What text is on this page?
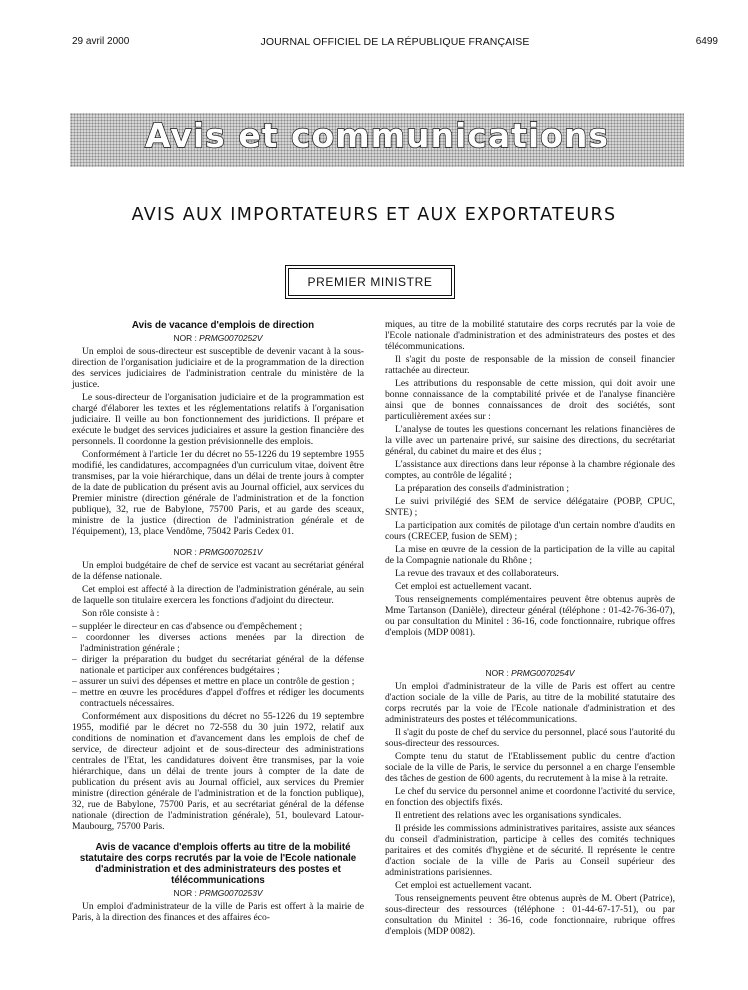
29 avril 2000	JOURNAL OFFICIEL DE LA RÉPUBLIQUE FRANÇAISE	6499
Avis et communications
AVIS AUX IMPORTATEURS ET AUX EXPORTATEURS
PREMIER MINISTRE

Avis de vacance d'emplois de direction

NOR : PRMG0070252V

Un emploi de sous-directeur est susceptible de devenir vacant à la sous-direction de l'organisation judiciaire et de la programmation de la direction des services judiciaires de l'administration centrale du ministère de la justice.

Le sous-directeur de l'organisation judiciaire et de la programmation est chargé d'élaborer les textes et les réglementations relatifs à l'organisation judiciaire. Il veille au bon fonctionnement des juridictions. Il prépare et exécute le budget des services judiciaires et assure la gestion financière des personnels. Il coordonne la gestion prévisionnelle des emplois.

Conformément à l'article 1er du décret no 55-1226 du 19 septembre 1955 modifié, les candidatures, accompagnées d'un curriculum vitae, doivent être transmises, par la voie hiérarchique, dans un délai de trente jours à compter de la date de publication du présent avis au Journal officiel, aux services du Premier ministre (direction générale de l'administration et de la fonction publique), 32, rue de Babylone, 75700 Paris, et au garde des sceaux, ministre de la justice (direction de l'administration générale et de l'équipement), 13, place Vendôme, 75042 Paris Cedex 01.

NOR : PRMG0070251V

Un emploi budgétaire de chef de service est vacant au secrétariat général de la défense nationale.

Cet emploi est affecté à la direction de l'administration générale, au sein de laquelle son titulaire exercera les fonctions d'adjoint du directeur.

Son rôle consiste à :

– suppléer le directeur en cas d'absence ou d'empêchement ;
– coordonner les diverses actions menées par la direction de l'administration générale ;
– diriger la préparation du budget du secrétariat général de la défense nationale et participer aux conférences budgétaires ;
– assurer un suivi des dépenses et mettre en place un contrôle de gestion ;
– mettre en œuvre les procédures d'appel d'offres et rédiger les documents contractuels nécessaires.

Conformément aux dispositions du décret no 55-1226 du 19 septembre 1955, modifié par le décret no 72-558 du 30 juin 1972, relatif aux conditions de nomination et d'avancement dans les emplois de chef de service, de directeur adjoint et de sous-directeur des administrations centrales de l'Etat, les candidatures doivent être transmises, par la voie hiérarchique, dans un délai de trente jours à compter de la date de publication du présent avis au Journal officiel, aux services du Premier ministre (direction générale de l'administration et de la fonction publique), 32, rue de Babylone, 75700 Paris, et au secrétariat général de la défense nationale (direction de l'administration générale), 51, boulevard Latour-Maubourg, 75700 Paris.

Avis de vacance d'emplois offerts au titre de la mobilité statutaire des corps recrutés par la voie de l'Ecole nationale d'administration et des administrateurs des postes et télécommunications

NOR : PRMG0070253V

Un emploi d'administrateur de la ville de Paris est offert à la mairie de Paris, à la direction des finances et des affaires éco-

miques, au titre de la mobilité statutaire des corps recrutés par la voie de l'Ecole nationale d'administration et des administrateurs des postes et des télécommunications.

Il s'agit du poste de responsable de la mission de conseil financier rattachée au directeur.

Les attributions du responsable de cette mission, qui doit avoir une bonne connaissance de la comptabilité privée et de l'analyse financière ainsi que de bonnes connaissances de droit des sociétés, sont particulièrement axées sur :

L'analyse de toutes les questions concernant les relations financières de la ville avec un partenaire privé, sur saisine des directions, du secrétariat général, du cabinet du maire et des élus ;

L'assistance aux directions dans leur réponse à la chambre régionale des comptes, au contrôle de légalité ;

La préparation des conseils d'administration ;

Le suivi privilégié des SEM de service délégataire (POBP, CPUC, SNTE) ;

La participation aux comités de pilotage d'un certain nombre d'audits en cours (CRECEP, fusion de SEM) ;

La mise en œuvre de la cession de la participation de la ville au capital de la Compagnie nationale du Rhône ;

La revue des travaux et des collaborateurs.

Cet emploi est actuellement vacant.

Tous renseignements complémentaires peuvent être obtenus auprès de Mme Tartanson (Danièle), directeur général (téléphone : 01-42-76-36-07), ou par consultation du Minitel : 36-16, code fonctionnaire, rubrique offres d'emplois (MDP 0081).

NOR : PRMG0070254V

Un emploi d'administrateur de la ville de Paris est offert au centre d'action sociale de la ville de Paris, au titre de la mobilité statutaire des corps recrutés par la voie de l'Ecole nationale d'administration et des administrateurs des postes et télécommunications.

Il s'agit du poste de chef du service du personnel, placé sous l'autorité du sous-directeur des ressources.

Compte tenu du statut de l'Etablissement public du centre d'action sociale de la ville de Paris, le service du personnel a en charge l'ensemble des tâches de gestion de 600 agents, du recrutement à la mise à la retraite.

Le chef du service du personnel anime et coordonne l'activité du service, en fonction des objectifs fixés.

Il entretient des relations avec les organisations syndicales.

Il préside les commissions administratives paritaires, assiste aux séances du conseil d'administration, participe à celles des comités techniques paritaires et des comités d'hygiène et de sécurité. Il représente le centre d'action sociale de la ville de Paris au Conseil supérieur des administrations parisiennes.

Cet emploi est actuellement vacant.

Tous renseignements peuvent être obtenus auprès de M. Obert (Patrice), sous-directeur des ressources (téléphone : 01-44-67-17-51), ou par consultation du Minitel : 36-16, code fonctionnaire, rubrique offres d'emplois (MDP 0082).
